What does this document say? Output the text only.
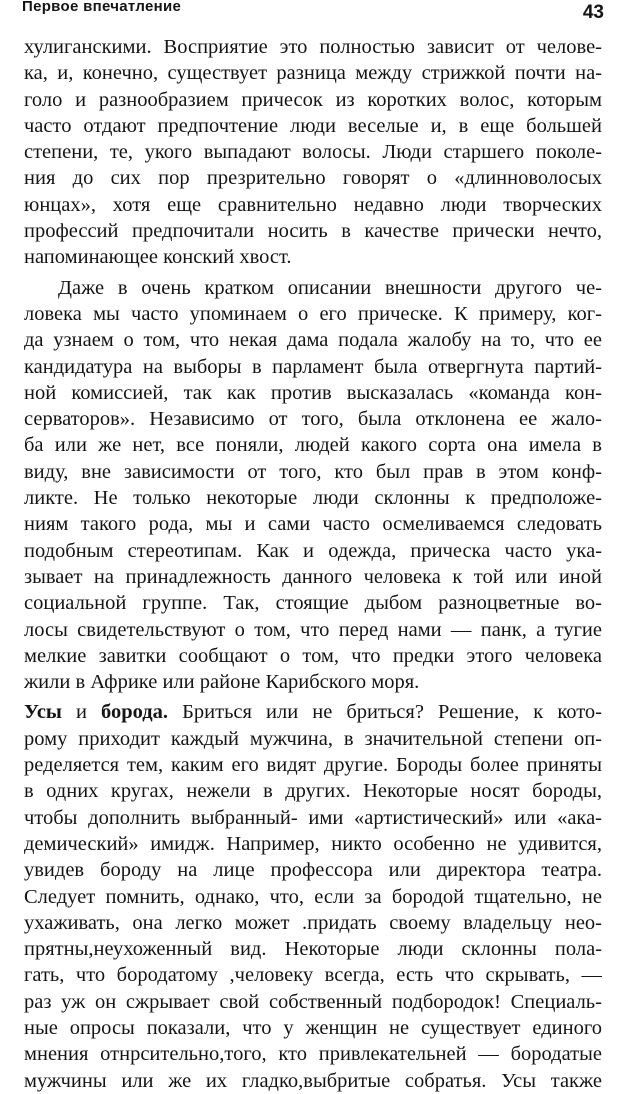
Первое впечатление	43
хулиганскими. Восприятие это полностью зависит от челове-
ка, и, конечно, существует разница между стрижкой почти на-
голо и разнообразием причесок из коротких волос, которым
часто отдают предпочтение люди веселые и, в еще большей
степени, те, укого выпадают волосы. Люди старшего поколе-
ния до сих пор презрительно говорят о «длинноволосых
юнцах», хотя еще сравнительно недавно люди творческих
профессий предпочитали носить в качестве прически нечто,
напоминающее конский хвост.
Даже в очень кратком описании внешности другого че-
ловека мы часто упоминаем о его прическе. К примеру, ког-
да узнаем о том, что некая дама подала жалобу на то, что ее
кандидатура на выборы в парламент была отвергнута партий-
ной комиссией, так как против высказалась «команда кон-
серваторов». Независимо от того, была отклонена ее жало-
ба или же нет, все поняли, людей какого сорта она имела в
виду, вне зависимости от того, кто был прав в этом конф-
ликте. Не только некоторые люди склонны к предположе-
ниям такого рода, мы и сами часто осмеливаемся следовать
подобным стереотипам. Как и одежда, прическа часто ука-
зывает на принадлежность данного человека к той или иной
социальной группе. Так, стоящие дыбом разноцветные во-
лосы свидетельствуют о том, что перед нами — панк, а тугие
мелкие завитки сообщают о том, что предки этого человека
жили в Африке или районе Карибского моря.
Усы и борода. Бриться или не бриться? Решение, к кото-
рому приходит каждый мужчина, в значительной степени оп-
ределяется тем, каким его видят другие. Бороды более приняты
в одних кругах, нежели в других. Некоторые носят бороды,
чтобы дополнить выбранный- ими «артистический» или «ака-
демический» имидж. Например, никто особенно не удивится,
увидев бороду на лице профессора или директора театра.
Следует помнить, однако, что, если за бородой тщательно, не
ухаживать, она легко может .придать своему владельцу нео-
прятны,неухоженный вид. Некоторые люди склонны пола-
гать, что бородатому ,человеку всегда, есть что скрывать, —
раз уж он сжрывает свой собственный подбородок! Специаль-
ные опросы показали, что у женщин не существует единого
мнения отнрсительно,того, кто привлекательней — бородатые
мужчины или же их гладко,выбритые собратья. Усы также
